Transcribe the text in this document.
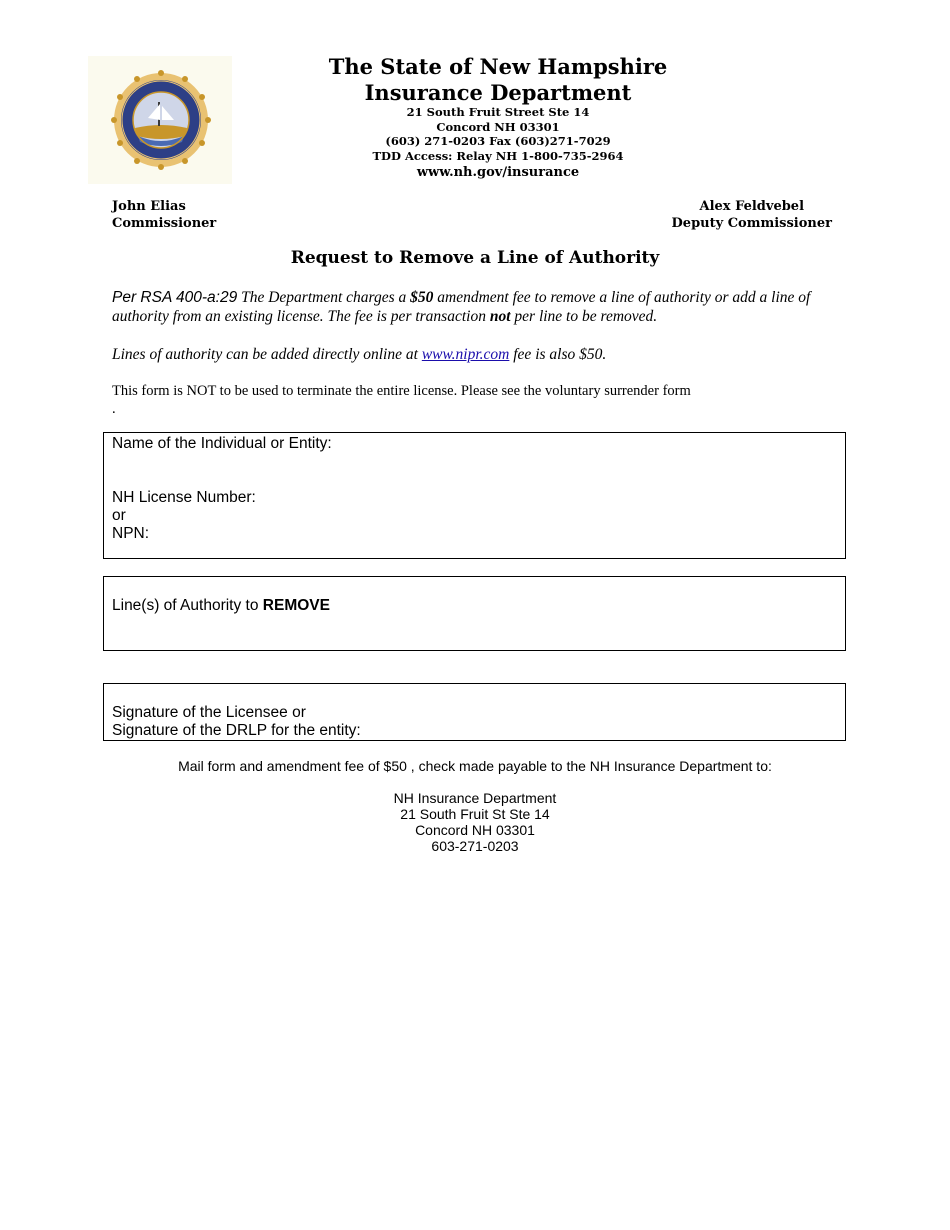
The State of New Hampshire
Insurance Department
21 South Fruit Street Ste 14
Concord NH 03301
(603) 271-0203 Fax (603)271-7029
TDD Access: Relay NH 1-800-735-2964
www.nh.gov/insurance
John Elias
Commissioner
Alex Feldvebel
Deputy Commissioner
Request to Remove a Line of Authority
Per RSA 400-a:29 The Department charges a $50 amendment fee to remove a line of authority or add a line of authority from an existing license. The fee is per transaction not per line to be removed.
Lines of authority can be added directly online at www.nipr.com fee is also $50.
This form is NOT to be used to terminate the entire license. Please see the voluntary surrender form
.
Name of the Individual or Entity:
NH License Number:
or
NPN:
Line(s) of Authority to REMOVE
Signature of the Licensee or
Signature of the DRLP for the entity:
Mail form and amendment fee of $50 , check made payable to the NH Insurance Department to:
NH Insurance Department
21 South Fruit St Ste 14
Concord NH 03301
603-271-0203
